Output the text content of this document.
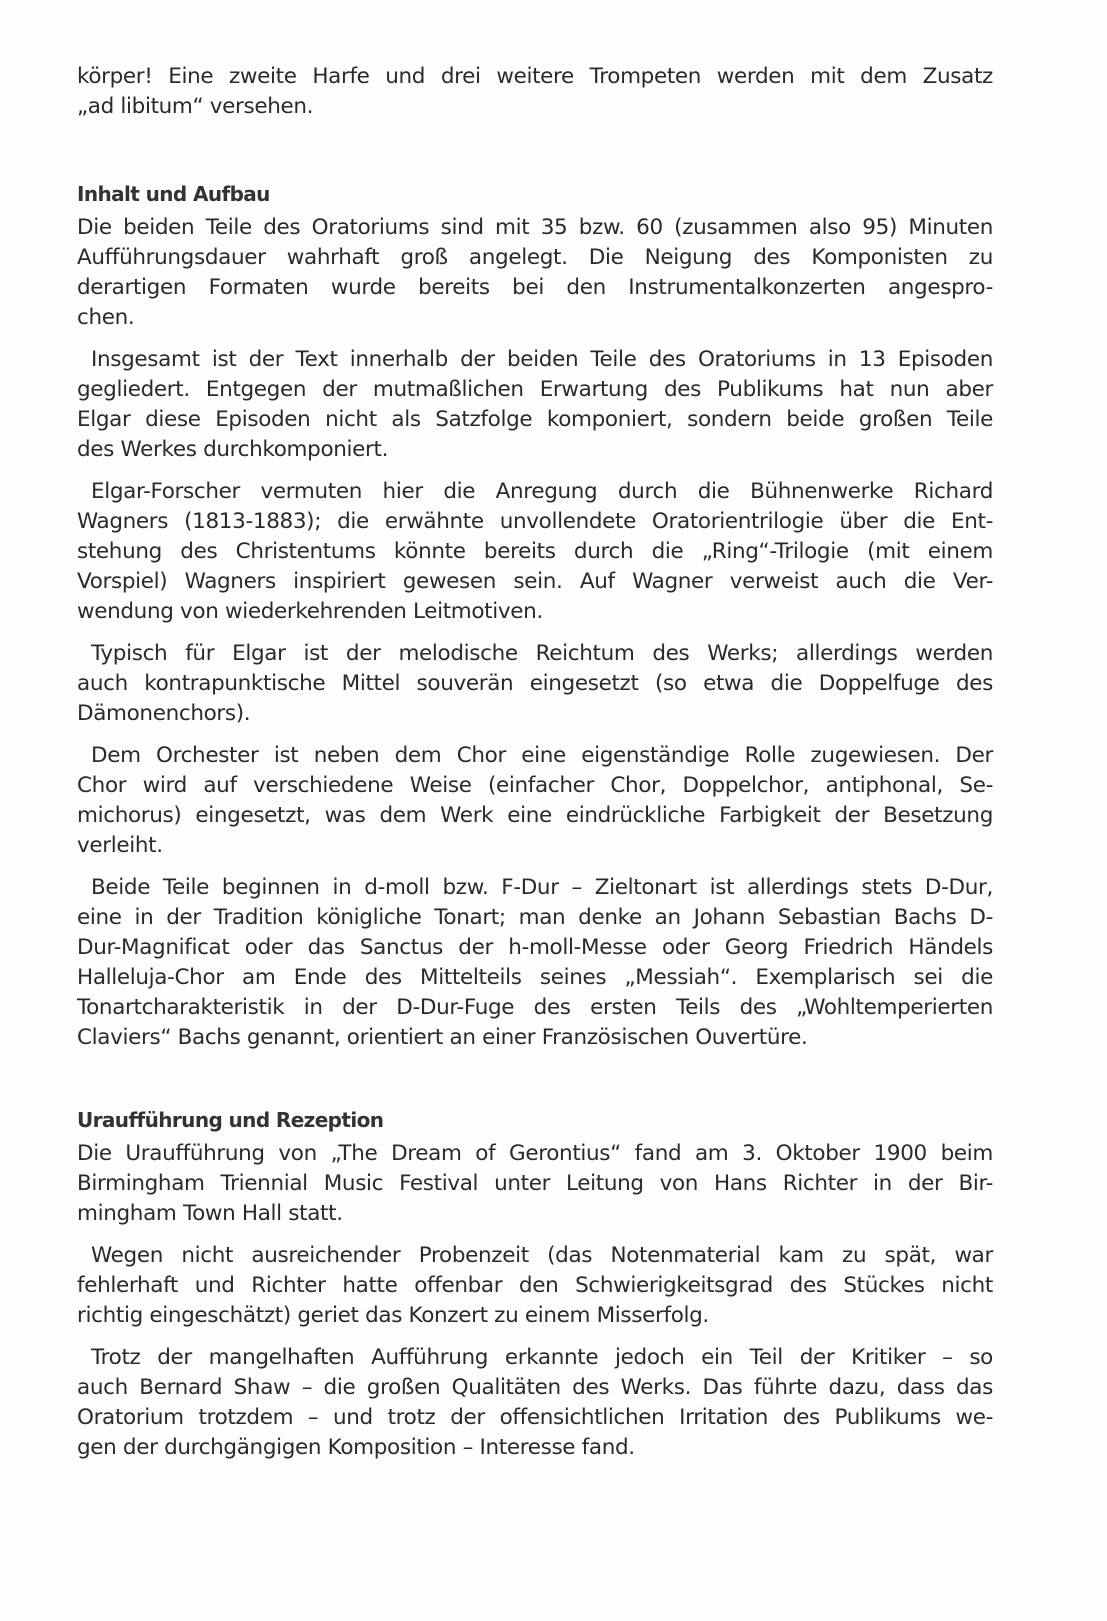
körper! Eine zweite Harfe und drei weitere Trompeten werden mit dem Zusatz
„ad libitum“ versehen.
Inhalt und Aufbau
Die beiden Teile des Oratoriums sind mit 35 bzw. 60 (zusammen also 95) Minuten
Aufführungsdauer wahrhaft groß angelegt. Die Neigung des Komponisten zu
derartigen Formaten wurde bereits bei den Instrumentalkonzerten angespro-
chen.
Insgesamt ist der Text innerhalb der beiden Teile des Oratoriums in 13 Episoden
gegliedert. Entgegen der mutmaßlichen Erwartung des Publikums hat nun aber
Elgar diese Episoden nicht als Satzfolge komponiert, sondern beide großen Teile
des Werkes durchkomponiert.
Elgar-Forscher vermuten hier die Anregung durch die Bühnenwerke Richard
Wagners (1813-1883); die erwähnte unvollendete Oratorientrilogie über die Ent-
stehung des Christentums könnte bereits durch die „Ring“-Trilogie (mit einem
Vorspiel) Wagners inspiriert gewesen sein. Auf Wagner verweist auch die Ver-
wendung von wiederkehrenden Leitmotiven.
Typisch für Elgar ist der melodische Reichtum des Werks; allerdings werden
auch kontrapunktische Mittel souverän eingesetzt (so etwa die Doppelfuge des
Dämonenchors).
Dem Orchester ist neben dem Chor eine eigenständige Rolle zugewiesen. Der
Chor wird auf verschiedene Weise (einfacher Chor, Doppelchor, antiphonal, Se-
michorus) eingesetzt, was dem Werk eine eindrückliche Farbigkeit der Besetzung
verleiht.
Beide Teile beginnen in d-moll bzw. F-Dur – Zieltonart ist allerdings stets D-Dur,
eine in der Tradition königliche Tonart; man denke an Johann Sebastian Bachs D-
Dur-Magnificat oder das Sanctus der h-moll-Messe oder Georg Friedrich Händels
Halleluja-Chor am Ende des Mittelteils seines „Messiah“. Exemplarisch sei die
Tonartcharakteristik in der D-Dur-Fuge des ersten Teils des „Wohltemperierten
Claviers“ Bachs genannt, orientiert an einer Französischen Ouvertüre.
Uraufführung und Rezeption
Die Uraufführung von „The Dream of Gerontius“ fand am 3. Oktober 1900 beim
Birmingham Triennial Music Festival unter Leitung von Hans Richter in der Bir-
mingham Town Hall statt.
Wegen nicht ausreichender Probenzeit (das Notenmaterial kam zu spät, war
fehlerhaft und Richter hatte offenbar den Schwierigkeitsgrad des Stückes nicht
richtig eingeschätzt) geriet das Konzert zu einem Misserfolg.
Trotz der mangelhaften Aufführung erkannte jedoch ein Teil der Kritiker – so
auch Bernard Shaw – die großen Qualitäten des Werks. Das führte dazu, dass das
Oratorium trotzdem – und trotz der offensichtlichen Irritation des Publikums we-
gen der durchgängigen Komposition – Interesse fand.
